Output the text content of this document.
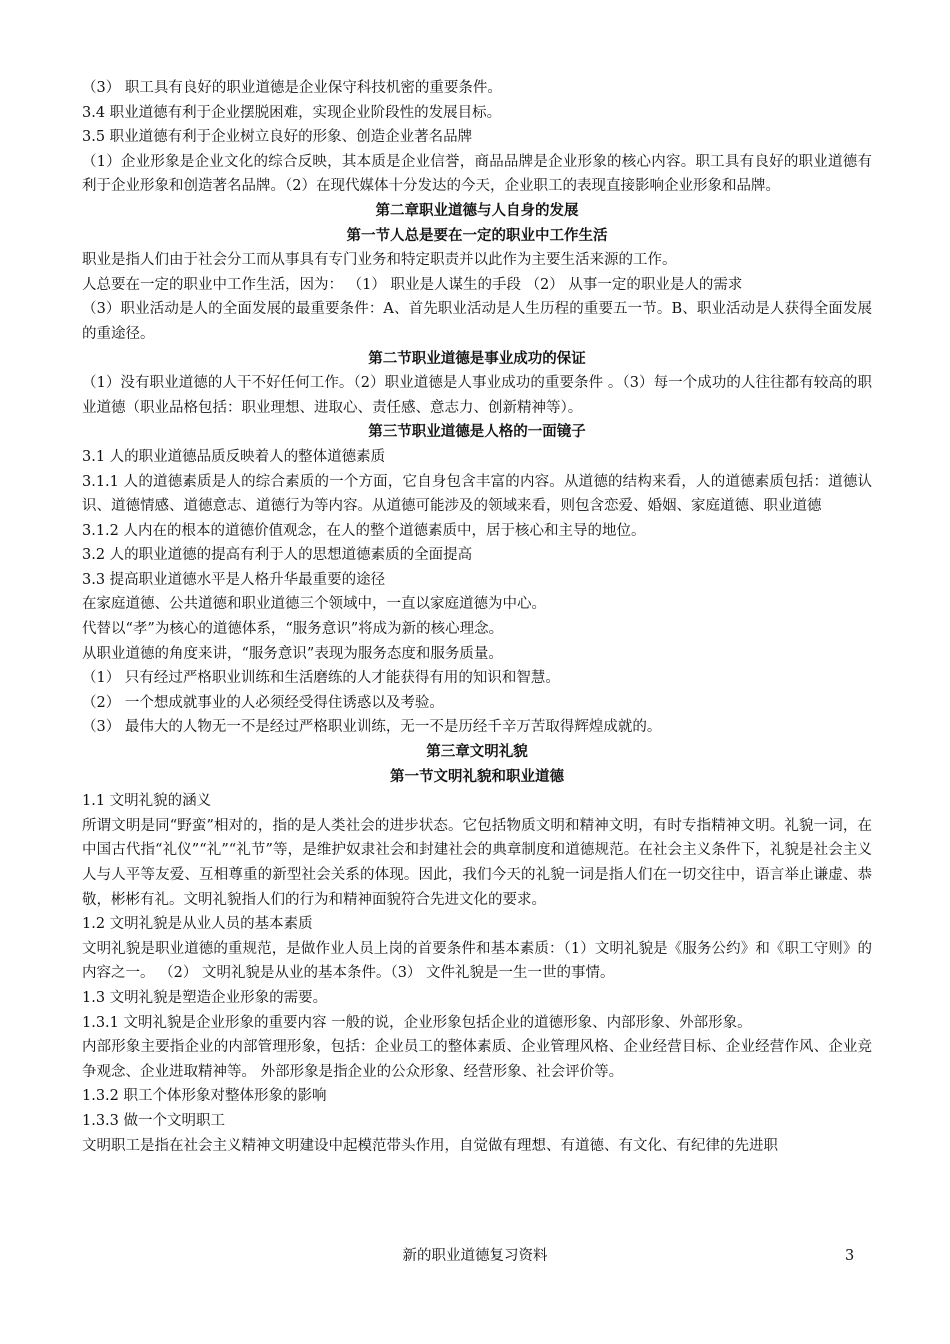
（3） 职工具有良好的职业道德是企业保守科技机密的重要条件。

3.4 职业道德有利于企业摆脱困难，实现企业阶段性的发展目标。

3.5 职业道德有利于企业树立良好的形象、创造企业著名品牌

（1）企业形象是企业文化的综合反映，其本质是企业信誉，商品品牌是企业形象的核心内容。职工具有良好的职业道德有利于企业形象和创造著名品牌。（2）在现代媒体十分发达的今天，企业职工的表现直接影响企业形象和品牌。

第二章职业道德与人自身的发展
第一节人总是要在一定的职业中工作生活

职业是指人们由于社会分工而从事具有专门业务和特定职责并以此作为主要生活来源的工作。

人总要在一定的职业中工作生活，因为： （1） 职业是人谋生的手段 （2） 从事一定的职业是人的需求

（3）职业活动是人的全面发展的最重要条件：A、首先职业活动是人生历程的重要五一节。B、职业活动是人获得全面发展的重途径。

第二节职业道德是事业成功的保证

（1）没有职业道德的人干不好任何工作。（2）职业道德是人事业成功的重要条件 。（3）每一个成功的人往往都有较高的职业道德（职业品格包括：职业理想、进取心、责任感、意志力、创新精神等）。

第三节职业道德是人格的一面镜子

3.1 人的职业道德品质反映着人的整体道德素质

3.1.1 人的道德素质是人的综合素质的一个方面，它自身包含丰富的内容。从道德的结构来看，人的道德素质包括：道德认识、道德情感、道德意志、道德行为等内容。从道德可能涉及的领域来看，则包含恋爱、婚姻、家庭道德、职业道德

3.1.2 人内在的根本的道德价值观念，在人的整个道德素质中，居于核心和主导的地位。

3.2 人的职业道德的提高有利于人的思想道德素质的全面提高

3.3 提高职业道德水平是人格升华最重要的途径

在家庭道德、公共道德和职业道德三个领域中，一直以家庭道德为中心。

代替以“孝”为核心的道德体系，“服务意识”将成为新的核心理念。

从职业道德的角度来讲，“服务意识”表现为服务态度和服务质量。

（1） 只有经过严格职业训练和生活磨练的人才能获得有用的知识和智慧。

（2） 一个想成就事业的人必须经受得住诱惑以及考验。

（3） 最伟大的人物无一不是经过严格职业训练，无一不是历经千辛万苦取得辉煌成就的。

第三章文明礼貌
第一节文明礼貌和职业道德

1.1 文明礼貌的涵义

所谓文明是同“野蛮”相对的，指的是人类社会的进步状态。它包括物质文明和精神文明，有时专指精神文明。礼貌一词，在中国古代指“礼仪”“礼”“礼节”等，是维护奴隶社会和封建社会的典章制度和道德规范。在社会主义条件下，礼貌是社会主义人与人平等友爱、互相尊重的新型社会关系的体现。因此，我们今天的礼貌一词是指人们在一切交往中，语言举止谦虚、恭敬，彬彬有礼。文明礼貌指人们的行为和精神面貌符合先进文化的要求。

1.2 文明礼貌是从业人员的基本素质

文明礼貌是职业道德的重规范，是做作业人员上岗的首要条件和基本素质：（1）文明礼貌是《服务公约》和《职工守则》的内容之一。 （2） 文明礼貌是从业的基本条件。（3） 文件礼貌是一生一世的事情。

1.3 文明礼貌是塑造企业形象的需要。

1.3.1 文明礼貌是企业形象的重要内容 一般的说，企业形象包括企业的道德形象、内部形象、外部形象。

内部形象主要指企业的内部管理形象，包括：企业员工的整体素质、企业管理风格、企业经营目标、企业经营作风、企业竞争观念、企业进取精神等。 外部形象是指企业的公众形象、经营形象、社会评价等。

1.3.2 职工个体形象对整体形象的影响

1.3.3 做一个文明职工

文明职工是指在社会主义精神文明建设中起模范带头作用，自觉做有理想、有道德、有文化、有纪律的先进职

新的职业道德复习资料	3
